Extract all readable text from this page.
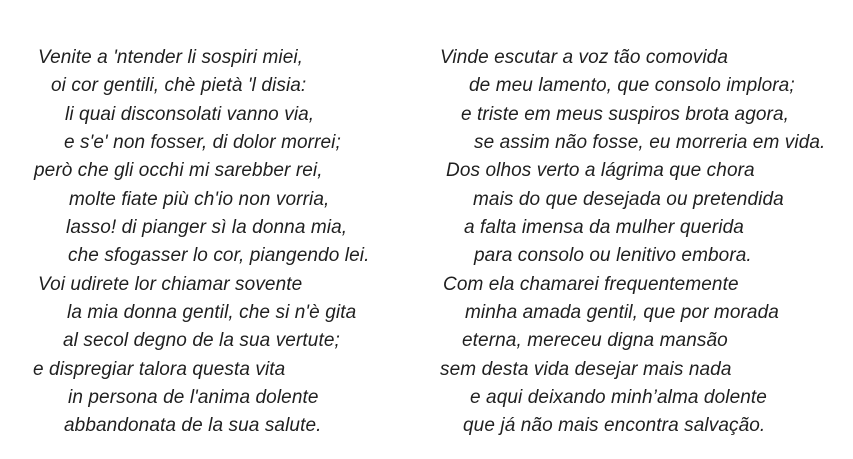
Venite a 'ntender li sospiri miei,
oi cor gentili, chè pietà 'l disia:
li quai disconsolati vanno via,
e s'e' non fosser, di dolor morrei;
però che gli occhi mi sarebber rei,
molte fiate più ch'io non vorria,
lasso! di pianger sì la donna mia,
che sfogasser lo cor, piangendo lei.
Voi udirete lor chiamar sovente
la mia donna gentil, che si n'è gita
al secol degno de la sua vertute;
e dispregiar talora questa vita
in persona de l'anima dolente
abbandonata de la sua salute.
Vinde escutar a voz tão comovida
de meu lamento, que consolo implora;
e triste em meus suspiros brota agora,
se assim não fosse, eu morreria em vida.
Dos olhos verto a lágrima que chora
mais do que desejada ou pretendida
a falta imensa da mulher querida
para consolo ou lenitivo embora.
Com ela chamarei frequentemente
minha amada gentil, que por morada
eterna, mereceu digna mansão
sem desta vida desejar mais nada
e aqui deixando minh’alma dolente
que já não mais encontra salvação.
